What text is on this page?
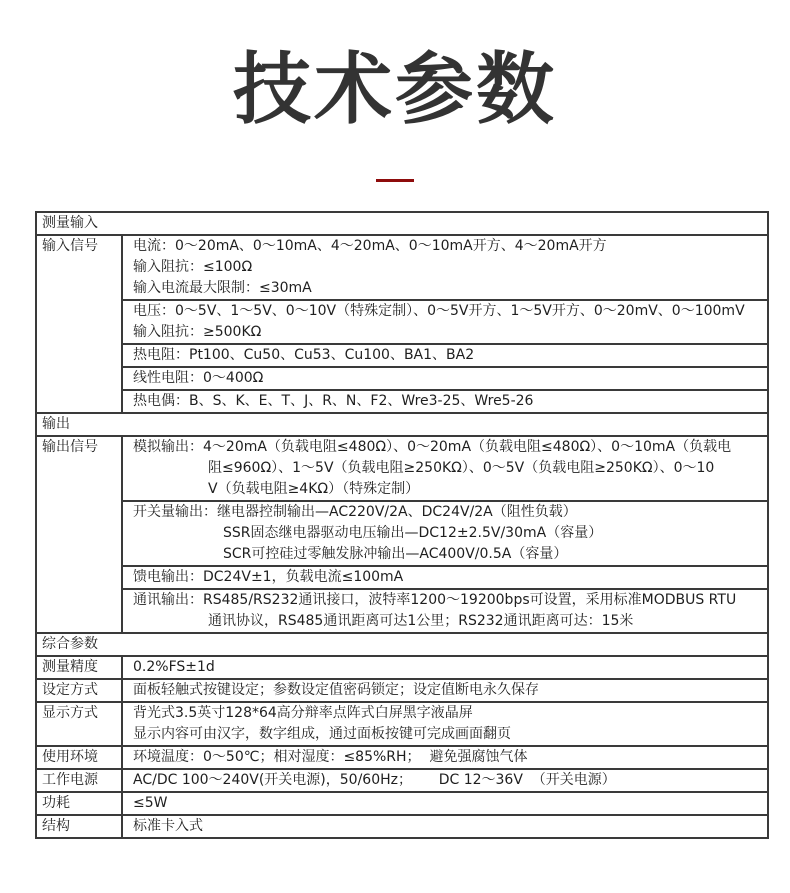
技术参数
测量输入
输入信号	电流：0～20mA、0～10mA、4～20mA、0～10mA开方、4～20mA开方
输入阻抗：≤100Ω
输入电流最大限制：≤30mA
电压：0～5V、1～5V、0～10V（特殊定制）、0～5V开方、1～5V开方、0～20mV、0～100mV
输入阻抗：≥500KΩ
热电阻：Pt100、Cu50、Cu53、Cu100、BA1、BA2
线性电阻：0～400Ω
热电偶：B、S、K、E、T、J、R、N、F2、Wre3-25、Wre5-26
输出
输出信号	模拟输出：4～20mA（负载电阻≤480Ω）、0～20mA（负载电阻≤480Ω）、0～10mA（负载电
阻≤960Ω）、1～5V（负载电阻≥250KΩ）、0～5V（负载电阻≥250KΩ）、0～10
V（负载电阻≥4KΩ）（特殊定制）
开关量输出：继电器控制输出—AC220V/2A、DC24V/2A（阻性负载）
SSR固态继电器驱动电压输出—DC12±2.5V/30mA（容量）
SCR可控硅过零触发脉冲输出—AC400V/0.5A（容量）
馈电输出：DC24V±1，负载电流≤100mA
通讯输出：RS485/RS232通讯接口，波特率1200～19200bps可设置，采用标准MODBUS RTU
通讯协议，RS485通讯距离可达1公里；RS232通讯距离可达：15米
综合参数
测量精度	0.2%FS±1d
设定方式	面板轻触式按键设定；参数设定值密码锁定；设定值断电永久保存
显示方式	背光式3.5英寸128*64高分辩率点阵式白屏黑字液晶屏
显示内容可由汉字，数字组成，通过面板按键可完成画面翻页
使用环境	环境温度：0～50℃；相对湿度：≤85%RH；  避免强腐蚀气体
工作电源	AC/DC 100～240V(开关电源)，50/60Hz；      DC 12～36V  （开关电源）
功耗	≤5W
结构	标准卡入式
